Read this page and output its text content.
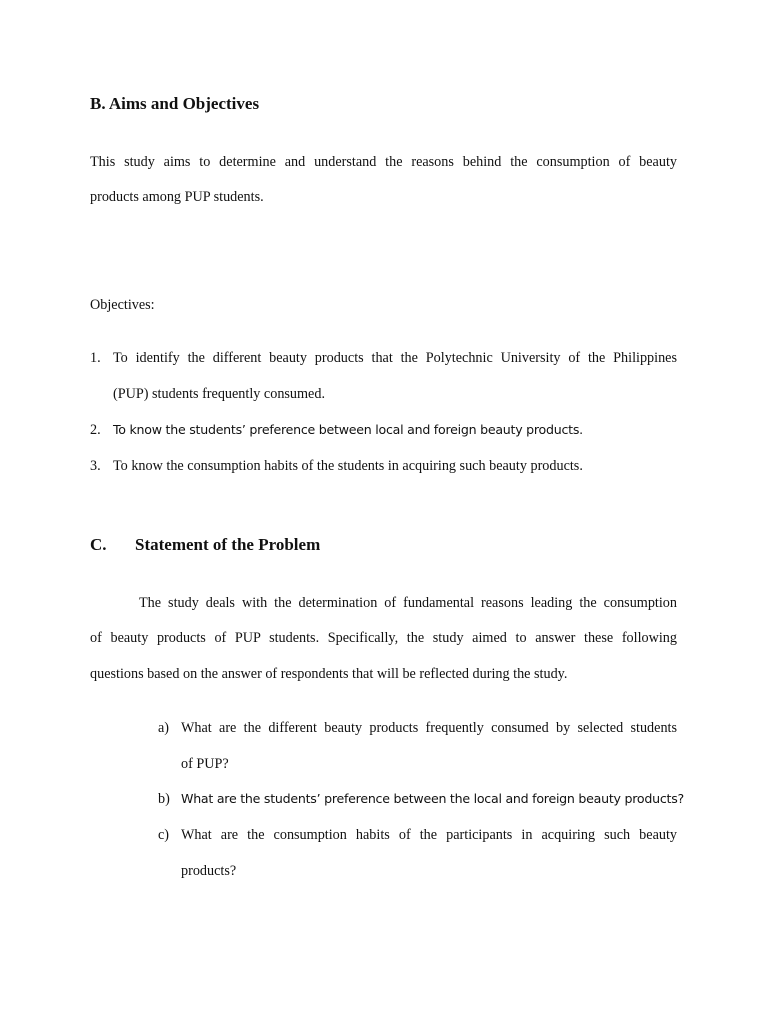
B. Aims and Objectives

This study aims to determine and understand the reasons behind the consumption of beauty

products among PUP students.

Objectives:

1. To identify the different beauty products that the Polytechnic University of the Philippines

(PUP) students frequently consumed.

2. To know the students’ preference between local and foreign beauty products.

3. To know the consumption habits of the students in acquiring such beauty products.

C. Statement of the Problem

The study deals with the determination of fundamental reasons leading the consumption

of beauty products of PUP students. Specifically, the study aimed to answer these following

questions based on the answer of respondents that will be reflected during the study.

a) What are the different beauty products frequently consumed by selected students

of PUP?

b) What are the students’ preference between the local and foreign beauty products?

c) What are the consumption habits of the participants in acquiring such beauty

products?
